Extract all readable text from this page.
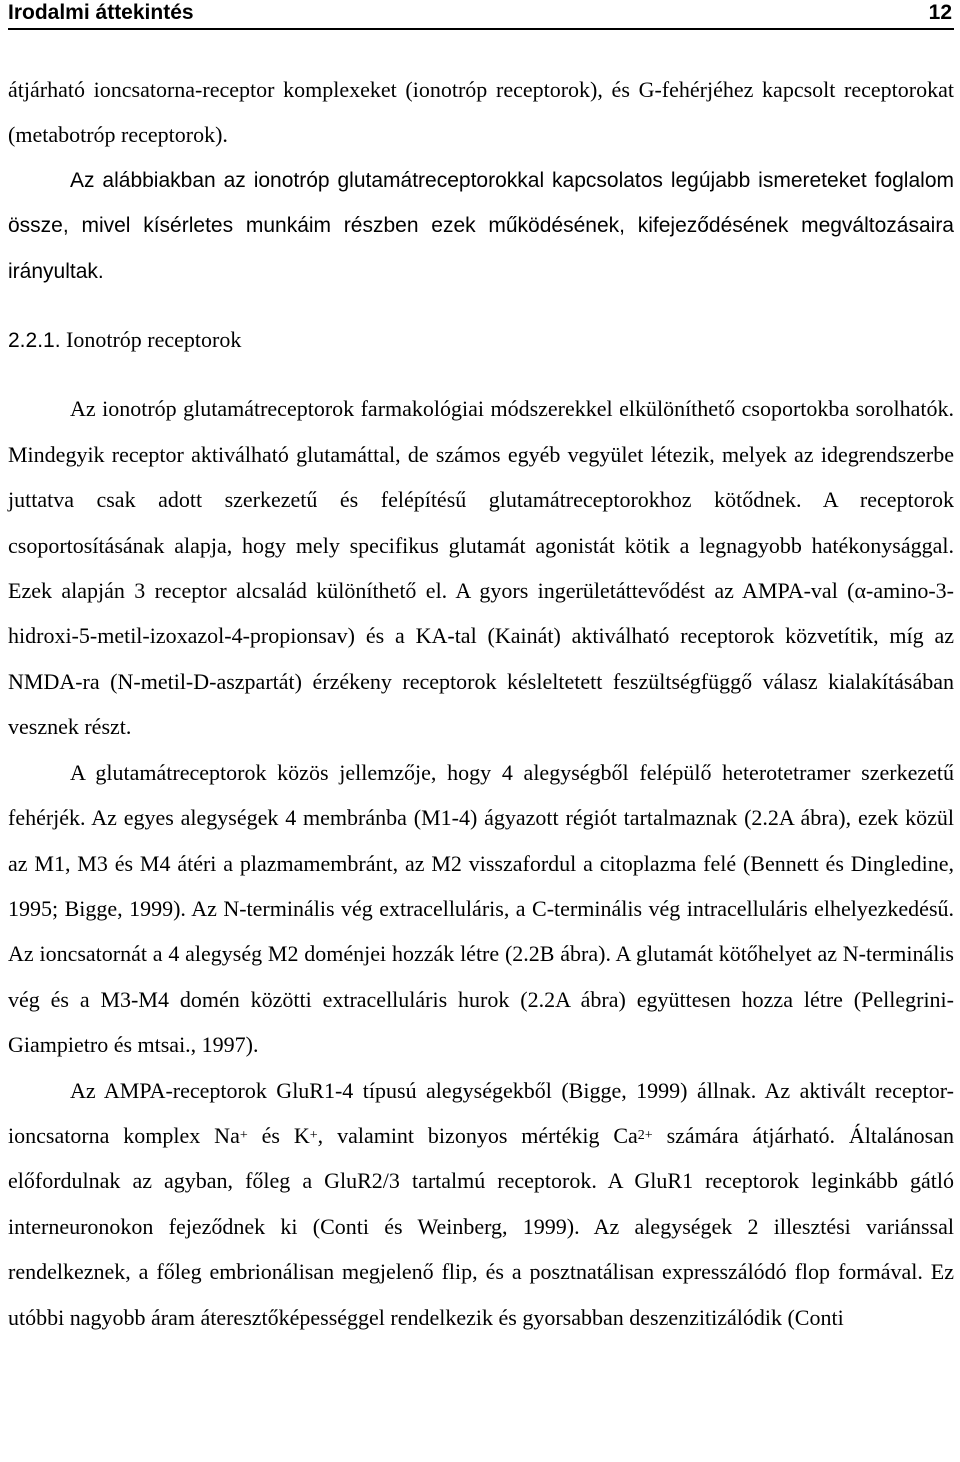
Irodalmi áttekintés	12

átjárható ioncsatorna-receptor komplexeket (ionotróp receptorok), és G-fehérjéhez kapcsolt receptorokat (metabotróp receptorok).

Az alábbiakban az ionotróp glutamátreceptorokkal kapcsolatos legújabb ismereteket foglalom össze, mivel kísérletes munkáim részben ezek működésének, kifejeződésének megváltozásaira irányultak.

2.2.1. Ionotróp receptorok

Az ionotróp glutamátreceptorok farmakológiai módszerekkel elkülöníthető csoportokba sorolhatók. Mindegyik receptor aktiválható glutamáttal, de számos egyéb vegyület létezik, melyek az idegrendszerbe juttatva csak adott szerkezetű és felépítésű glutamátreceptorokhoz kötődnek. A receptorok csoportosításának alapja, hogy mely specifikus glutamát agonistát kötik a legnagyobb hatékonysággal. Ezek alapján 3 receptor alcsalád különíthető el. A gyors ingerületáttevődést az AMPA-val (α-amino-3-hidroxi-5-metil-izoxazol-4-propionsav) és a KA-tal (Kainát) aktiválható receptorok közvetítik, míg az NMDA-ra (N-metil-D-aszpartát) érzékeny receptorok késleltetett feszültségfüggő válasz kialakításában vesznek részt.

A glutamátreceptorok közös jellemzője, hogy 4 alegységből felépülő heterotetramer szerkezetű fehérjék. Az egyes alegységek 4 membránba (M1-4) ágyazott régiót tartalmaznak (2.2A ábra), ezek közül az M1, M3 és M4 átéri a plazmamembránt, az M2 visszafordul a citoplazma felé (Bennett és Dingledine, 1995; Bigge, 1999). Az N-terminális vég extracelluláris, a C-terminális vég intracelluláris elhelyezkedésű. Az ioncsatornát a 4 alegység M2 doménjei hozzák létre (2.2B ábra). A glutamát kötőhelyet az N-terminális vég és a M3-M4 domén közötti extracelluláris hurok (2.2A ábra) együttesen hozza létre (Pellegrini-Giampietro és mtsai., 1997).

Az AMPA-receptorok GluR1-4 típusú alegységekből (Bigge, 1999) állnak. Az aktivált receptor-ioncsatorna komplex Na+ és K+, valamint bizonyos mértékig $Ca^{2+}$ számára átjárható. Általánosan előfordulnak az agyban, főleg a GluR2/3 tartalmú receptorok. A GluR1 receptorok leginkább gátló interneuronokon fejeződnek ki (Conti és Weinberg, 1999). Az alegységek 2 illesztési variánssal rendelkeznek, a főleg embrionálisan megjelenő flip, és a posztnatálisan expresszálódó flop formával. Ez utóbbi nagyobb áram áteresztőképességgel rendelkezik és gyorsabban deszenzitizálódik (Conti
